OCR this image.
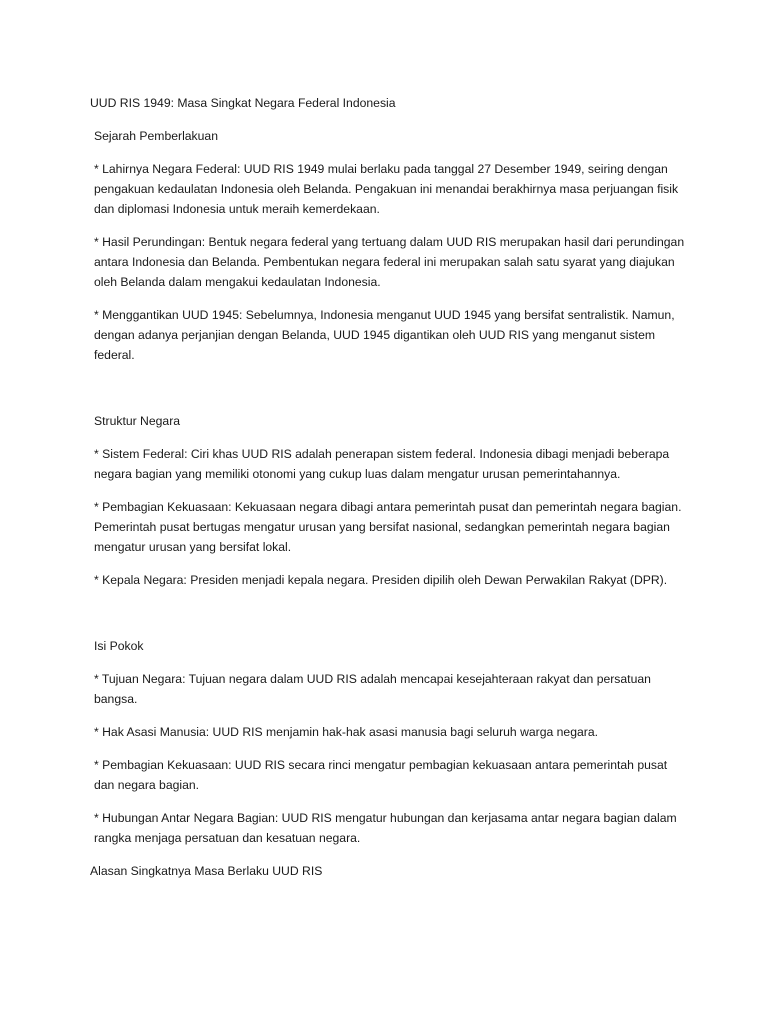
UUD RIS 1949: Masa Singkat Negara Federal Indonesia

Sejarah Pemberlakuan

* Lahirnya Negara Federal: UUD RIS 1949 mulai berlaku pada tanggal 27 Desember 1949, seiring dengan pengakuan kedaulatan Indonesia oleh Belanda. Pengakuan ini menandai berakhirnya masa perjuangan fisik dan diplomasi Indonesia untuk meraih kemerdekaan.

* Hasil Perundingan: Bentuk negara federal yang tertuang dalam UUD RIS merupakan hasil dari perundingan antara Indonesia dan Belanda. Pembentukan negara federal ini merupakan salah satu syarat yang diajukan oleh Belanda dalam mengakui kedaulatan Indonesia.

* Menggantikan UUD 1945: Sebelumnya, Indonesia menganut UUD 1945 yang bersifat sentralistik. Namun, dengan adanya perjanjian dengan Belanda, UUD 1945 digantikan oleh UUD RIS yang menganut sistem federal.

Struktur Negara

* Sistem Federal: Ciri khas UUD RIS adalah penerapan sistem federal. Indonesia dibagi menjadi beberapa negara bagian yang memiliki otonomi yang cukup luas dalam mengatur urusan pemerintahannya.

* Pembagian Kekuasaan: Kekuasaan negara dibagi antara pemerintah pusat dan pemerintah negara bagian. Pemerintah pusat bertugas mengatur urusan yang bersifat nasional, sedangkan pemerintah negara bagian mengatur urusan yang bersifat lokal.

* Kepala Negara: Presiden menjadi kepala negara. Presiden dipilih oleh Dewan Perwakilan Rakyat (DPR).

Isi Pokok

* Tujuan Negara: Tujuan negara dalam UUD RIS adalah mencapai kesejahteraan rakyat dan persatuan bangsa.

* Hak Asasi Manusia: UUD RIS menjamin hak-hak asasi manusia bagi seluruh warga negara.

* Pembagian Kekuasaan: UUD RIS secara rinci mengatur pembagian kekuasaan antara pemerintah pusat dan negara bagian.

* Hubungan Antar Negara Bagian: UUD RIS mengatur hubungan dan kerjasama antar negara bagian dalam rangka menjaga persatuan dan kesatuan negara.

Alasan Singkatnya Masa Berlaku UUD RIS
